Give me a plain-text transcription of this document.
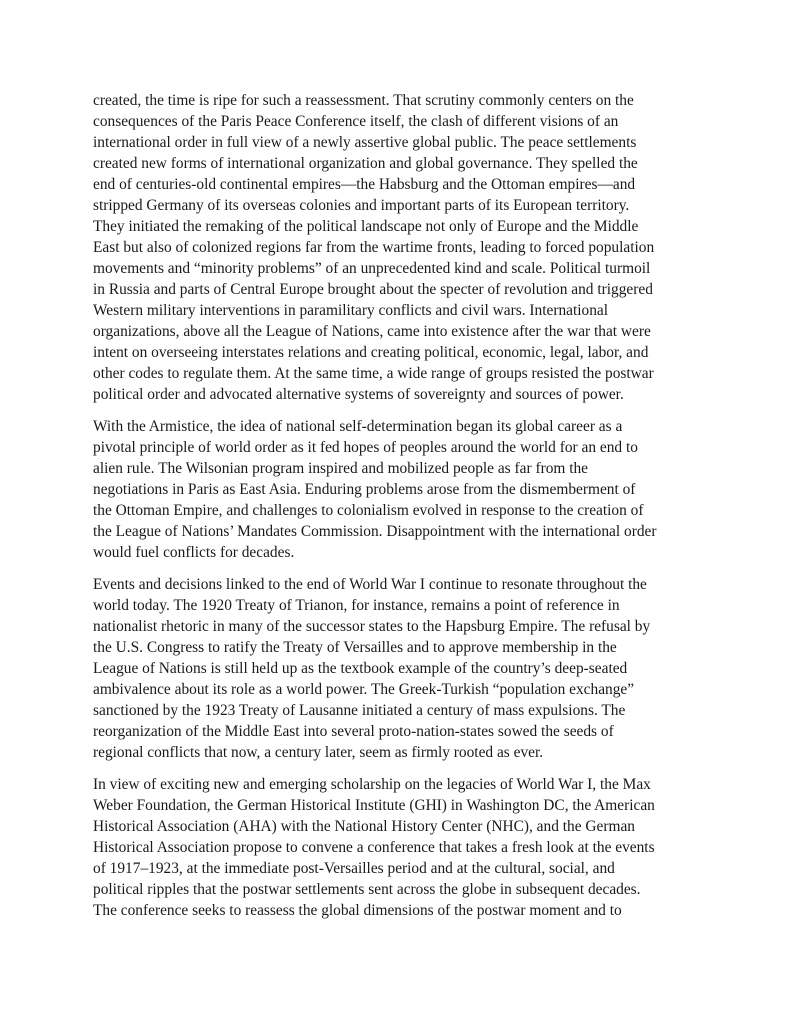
created, the time is ripe for such a reassessment. That scrutiny commonly centers on the
consequences of the Paris Peace Conference itself, the clash of different visions of an
international order in full view of a newly assertive global public. The peace settlements
created new forms of international organization and global governance. They spelled the
end of centuries-old continental empires—the Habsburg and the Ottoman empires—and
stripped Germany of its overseas colonies and important parts of its European territory.
They initiated the remaking of the political landscape not only of Europe and the Middle
East but also of colonized regions far from the wartime fronts, leading to forced population
movements and “minority problems” of an unprecedented kind and scale. Political turmoil
in Russia and parts of Central Europe brought about the specter of revolution and triggered
Western military interventions in paramilitary conflicts and civil wars. International
organizations, above all the League of Nations, came into existence after the war that were
intent on overseeing interstates relations and creating political, economic, legal, labor, and
other codes to regulate them. At the same time, a wide range of groups resisted the postwar
political order and advocated alternative systems of sovereignty and sources of power.

With the Armistice, the idea of national self-determination began its global career as a
pivotal principle of world order as it fed hopes of peoples around the world for an end to
alien rule. The Wilsonian program inspired and mobilized people as far from the
negotiations in Paris as East Asia. Enduring problems arose from the dismemberment of
the Ottoman Empire, and challenges to colonialism evolved in response to the creation of
the League of Nations’ Mandates Commission. Disappointment with the international order
would fuel conflicts for decades.

Events and decisions linked to the end of World War I continue to resonate throughout the
world today. The 1920 Treaty of Trianon, for instance, remains a point of reference in
nationalist rhetoric in many of the successor states to the Hapsburg Empire. The refusal by
the U.S. Congress to ratify the Treaty of Versailles and to approve membership in the
League of Nations is still held up as the textbook example of the country’s deep-seated
ambivalence about its role as a world power. The Greek-Turkish “population exchange”
sanctioned by the 1923 Treaty of Lausanne initiated a century of mass expulsions. The
reorganization of the Middle East into several proto-nation-states sowed the seeds of
regional conflicts that now, a century later, seem as firmly rooted as ever.

In view of exciting new and emerging scholarship on the legacies of World War I, the Max
Weber Foundation, the German Historical Institute (GHI) in Washington DC, the American
Historical Association (AHA) with the National History Center (NHC), and the German
Historical Association propose to convene a conference that takes a fresh look at the events
of 1917–1923, at the immediate post-Versailles period and at the cultural, social, and
political ripples that the postwar settlements sent across the globe in subsequent decades.
The conference seeks to reassess the global dimensions of the postwar moment and to
